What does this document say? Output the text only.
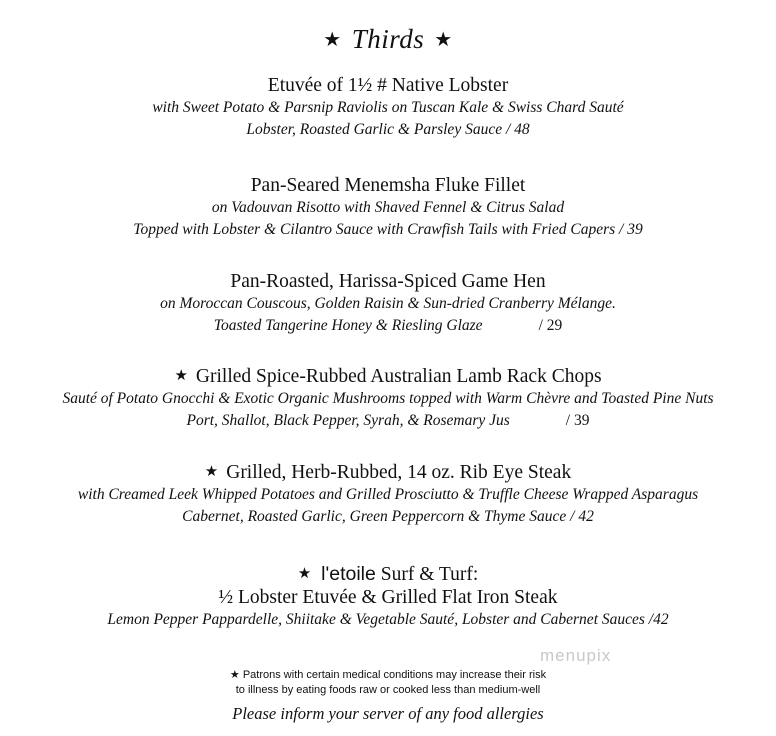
★ Thirds ★
Etuvée of 1½ # Native Lobster
with Sweet Potato & Parsnip Raviolis on Tuscan Kale & Swiss Chard Sauté
Lobster, Roasted Garlic & Parsley Sauce / 48
Pan-Seared Menemsha Fluke Fillet
on Vadouvan Risotto with Shaved Fennel & Citrus Salad
Topped with Lobster & Cilantro Sauce with Crawfish Tails with Fried Capers / 39
Pan-Roasted, Harissa-Spiced Game Hen
on Moroccan Couscous, Golden Raisin & Sun-dried Cranberry Mélange.
Toasted Tangerine Honey & Riesling Glaze	/ 29
★ Grilled Spice-Rubbed Australian Lamb Rack Chops
Sauté of Potato Gnocchi & Exotic Organic Mushrooms topped with Warm Chèvre and Toasted Pine Nuts
Port, Shallot, Black Pepper, Syrah, & Rosemary Jus	/ 39
★ Grilled, Herb-Rubbed, 14 oz. Rib Eye Steak
with Creamed Leek Whipped Potatoes and Grilled Prosciutto & Truffle Cheese Wrapped Asparagus
Cabernet, Roasted Garlic, Green Peppercorn & Thyme Sauce / 42
★ l'etoile Surf & Turf:
½ Lobster Etuvée & Grilled Flat Iron Steak
Lemon Pepper Pappardelle, Shiitake & Vegetable Sauté, Lobster and Cabernet Sauces /42
menupix
★ Patrons with certain medical conditions may increase their risk
to illness by eating foods raw or cooked less than medium-well
Please inform your server of any food allergies
